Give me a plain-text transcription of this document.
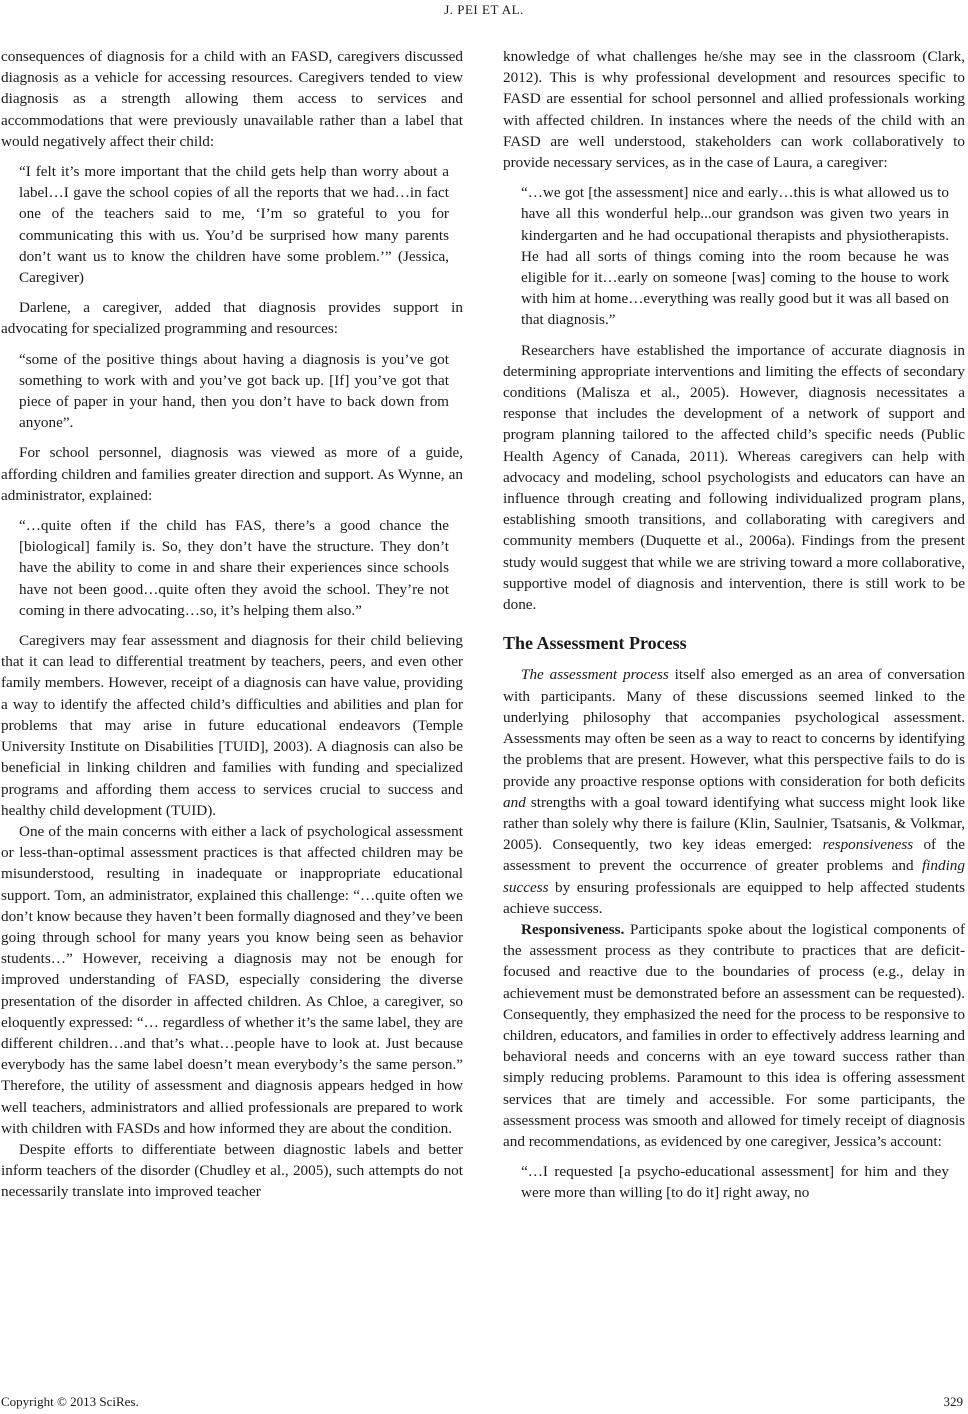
J. PEI ET AL.

consequences of diagnosis for a child with an FASD, caregivers discussed diagnosis as a vehicle for accessing resources. Caregivers tended to view diagnosis as a strength allowing them access to services and accommodations that were previously unavailable rather than a label that would negatively affect their child:

“I felt it’s more important that the child gets help than worry about a label…I gave the school copies of all the reports that we had…in fact one of the teachers said to me, ‘I’m so grateful to you for communicating this with us. You’d be surprised how many parents don’t want us to know the children have some problem.’” (Jessica, Caregiver)

Darlene, a caregiver, added that diagnosis provides support in advocating for specialized programming and resources:

“some of the positive things about having a diagnosis is you’ve got something to work with and you’ve got back up. [If] you’ve got that piece of paper in your hand, then you don’t have to back down from anyone”.

For school personnel, diagnosis was viewed as more of a guide, affording children and families greater direction and support. As Wynne, an administrator, explained:

“…quite often if the child has FAS, there’s a good chance the [biological] family is. So, they don’t have the structure. They don’t have the ability to come in and share their experiences since schools have not been good…quite often they avoid the school. They’re not coming in there advocating…so, it’s helping them also.”

Caregivers may fear assessment and diagnosis for their child believing that it can lead to differential treatment by teachers, peers, and even other family members. However, receipt of a diagnosis can have value, providing a way to identify the affected child’s difficulties and abilities and plan for problems that may arise in future educational endeavors (Temple University Institute on Disabilities [TUID], 2003). A diagnosis can also be beneficial in linking children and families with funding and specialized programs and affording them access to services crucial to success and healthy child development (TUID).

One of the main concerns with either a lack of psychological assessment or less-than-optimal assessment practices is that affected children may be misunderstood, resulting in inadequate or inappropriate educational support. Tom, an administrator, explained this challenge: “…quite often we don’t know because they haven’t been formally diagnosed and they’ve been going through school for many years you know being seen as behavior students…” However, receiving a diagnosis may not be enough for improved understanding of FASD, especially considering the diverse presentation of the disorder in affected children. As Chloe, a caregiver, so eloquently expressed: “… regardless of whether it’s the same label, they are different children…and that’s what…people have to look at. Just because everybody has the same label doesn’t mean everybody’s the same person.” Therefore, the utility of assessment and diagnosis appears hedged in how well teachers, administrators and allied professionals are prepared to work with children with FASDs and how informed they are about the condition.

Despite efforts to differentiate between diagnostic labels and better inform teachers of the disorder (Chudley et al., 2005), such attempts do not necessarily translate into improved teacher

knowledge of what challenges he/she may see in the classroom (Clark, 2012). This is why professional development and resources specific to FASD are essential for school personnel and allied professionals working with affected children. In instances where the needs of the child with an FASD are well understood, stakeholders can work collaboratively to provide necessary services, as in the case of Laura, a caregiver:

“…we got [the assessment] nice and early…this is what allowed us to have all this wonderful help...our grandson was given two years in kindergarten and he had occupational therapists and physiotherapists. He had all sorts of things coming into the room because he was eligible for it…early on someone [was] coming to the house to work with him at home…everything was really good but it was all based on that diagnosis.”

Researchers have established the importance of accurate diagnosis in determining appropriate interventions and limiting the effects of secondary conditions (Malisza et al., 2005). However, diagnosis necessitates a response that includes the development of a network of support and program planning tailored to the affected child’s specific needs (Public Health Agency of Canada, 2011). Whereas caregivers can help with advocacy and modeling, school psychologists and educators can have an influence through creating and following individualized program plans, establishing smooth transitions, and collaborating with caregivers and community members (Duquette et al., 2006a). Findings from the present study would suggest that while we are striving toward a more collaborative, supportive model of diagnosis and intervention, there is still work to be done.

The Assessment Process

The assessment process itself also emerged as an area of conversation with participants. Many of these discussions seemed linked to the underlying philosophy that accompanies psychological assessment. Assessments may often be seen as a way to react to concerns by identifying the problems that are present. However, what this perspective fails to do is provide any proactive response options with consideration for both deficits and strengths with a goal toward identifying what success might look like rather than solely why there is failure (Klin, Saulnier, Tsatsanis, & Volkmar, 2005). Consequently, two key ideas emerged: responsiveness of the assessment to prevent the occurrence of greater problems and finding success by ensuring professionals are equipped to help affected students achieve success.

Responsiveness. Participants spoke about the logistical components of the assessment process as they contribute to practices that are deficit-focused and reactive due to the boundaries of process (e.g., delay in achievement must be demonstrated before an assessment can be requested). Consequently, they emphasized the need for the process to be responsive to children, educators, and families in order to effectively address learning and behavioral needs and concerns with an eye toward success rather than simply reducing problems. Paramount to this idea is offering assessment services that are timely and accessible. For some participants, the assessment process was smooth and allowed for timely receipt of diagnosis and recommendations, as evidenced by one caregiver, Jessica’s account:

“…I requested [a psycho-educational assessment] for him and they were more than willing [to do it] right away, no
Copyright © 2013 SciRes.	329
